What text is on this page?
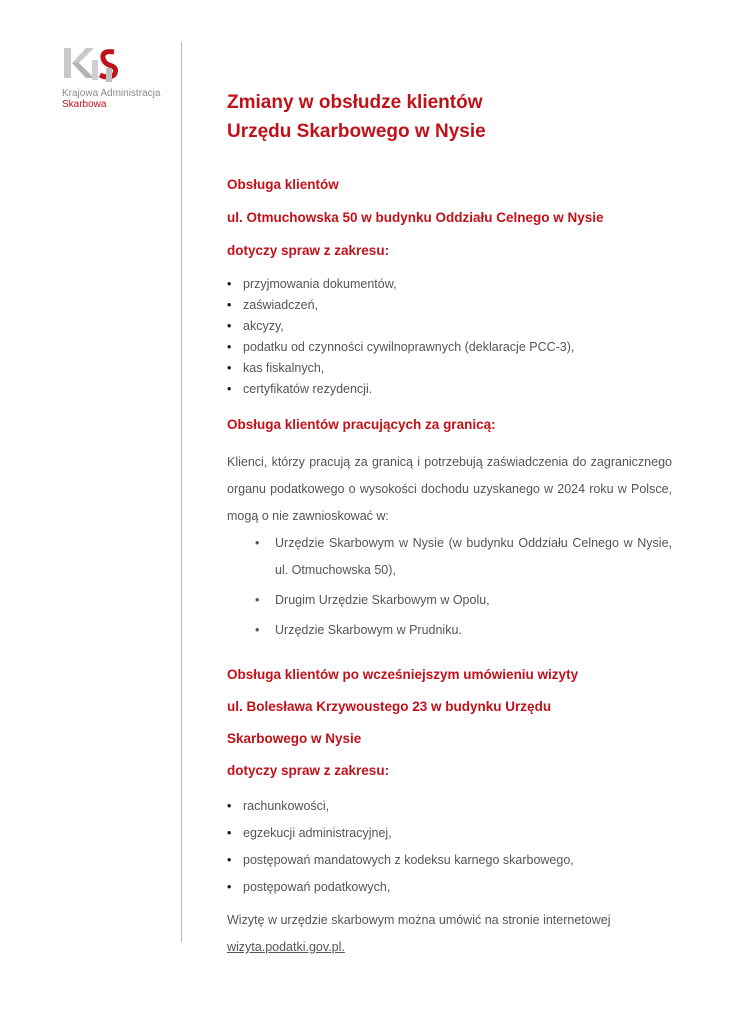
Krajowa Administracja
Skarbowa	Zmiany w obsłudze klientów
Urzędu Skarbowego w Nysie

Obsługa klientów

ul. Otmuchowska 50 w budynku Oddziału Celnego w Nysie

dotyczy spraw z zakresu:

• przyjmowania dokumentów,
• zaświadczeń,
• akcyzy,
• podatku od czynności cywilnoprawnych (deklaracje PCC-3),
• kas fiskalnych,
• certyfikatów rezydencji.

Obsługa klientów pracujących za granicą:

Klienci, którzy pracują za granicą i potrzebują zaświadczenia do zagranicznego organu podatkowego o wysokości dochodu uzyskanego w 2024 roku w Polsce, mogą o nie zawnioskować w:

• Urzędzie Skarbowym w Nysie (w budynku Oddziału Celnego w Nysie, ul. Otmuchowska 50),
• Drugim Urzędzie Skarbowym w Opolu,
• Urzędzie Skarbowym w Prudniku.

Obsługa klientów po wcześniejszym umówieniu wizyty

ul. Bolesława Krzywoustego 23 w budynku Urzędu

Skarbowego w Nysie

dotyczy spraw z zakresu:

• rachunkowości,
• egzekucji administracyjnej,
• postępowań mandatowych z kodeksu karnego skarbowego,
• postępowań podatkowych,

Wizytę w urzędzie skarbowym można umówić na stronie internetowej

wizyta.podatki.gov.pl.
